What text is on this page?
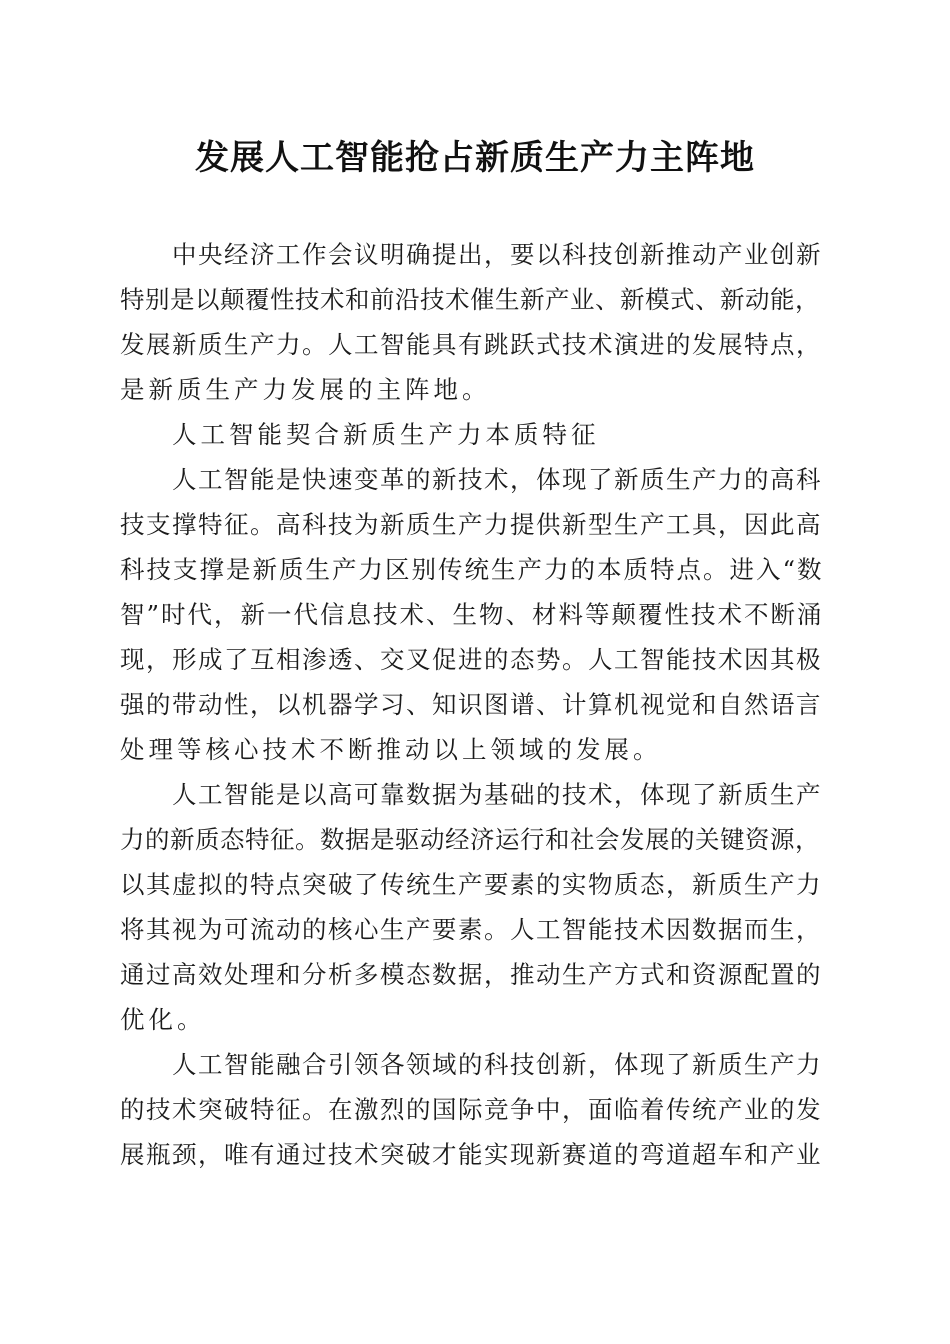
发展人工智能抢占新质生产力主阵地
中央经济工作会议明确提出，要以科技创新推动产业创新
特别是以颠覆性技术和前沿技术催生新产业、新模式、新动能，
发展新质生产力。人工智能具有跳跃式技术演进的发展特点，
是新质生产力发展的主阵地。
人工智能契合新质生产力本质特征
人工智能是快速变革的新技术，体现了新质生产力的高科
技支撑特征。高科技为新质生产力提供新型生产工具，因此高
科技支撑是新质生产力区别传统生产力的本质特点。进入“数
智”时代，新一代信息技术、生物、材料等颠覆性技术不断涌
现，形成了互相渗透、交叉促进的态势。人工智能技术因其极
强的带动性，以机器学习、知识图谱、计算机视觉和自然语言
处理等核心技术不断推动以上领域的发展。
人工智能是以高可靠数据为基础的技术，体现了新质生产
力的新质态特征。数据是驱动经济运行和社会发展的关键资源，
以其虚拟的特点突破了传统生产要素的实物质态，新质生产力
将其视为可流动的核心生产要素。人工智能技术因数据而生，
通过高效处理和分析多模态数据，推动生产方式和资源配置的
优化。
人工智能融合引领各领域的科技创新，体现了新质生产力
的技术突破特征。在激烈的国际竞争中，面临着传统产业的发
展瓶颈，唯有通过技术突破才能实现新赛道的弯道超车和产业
